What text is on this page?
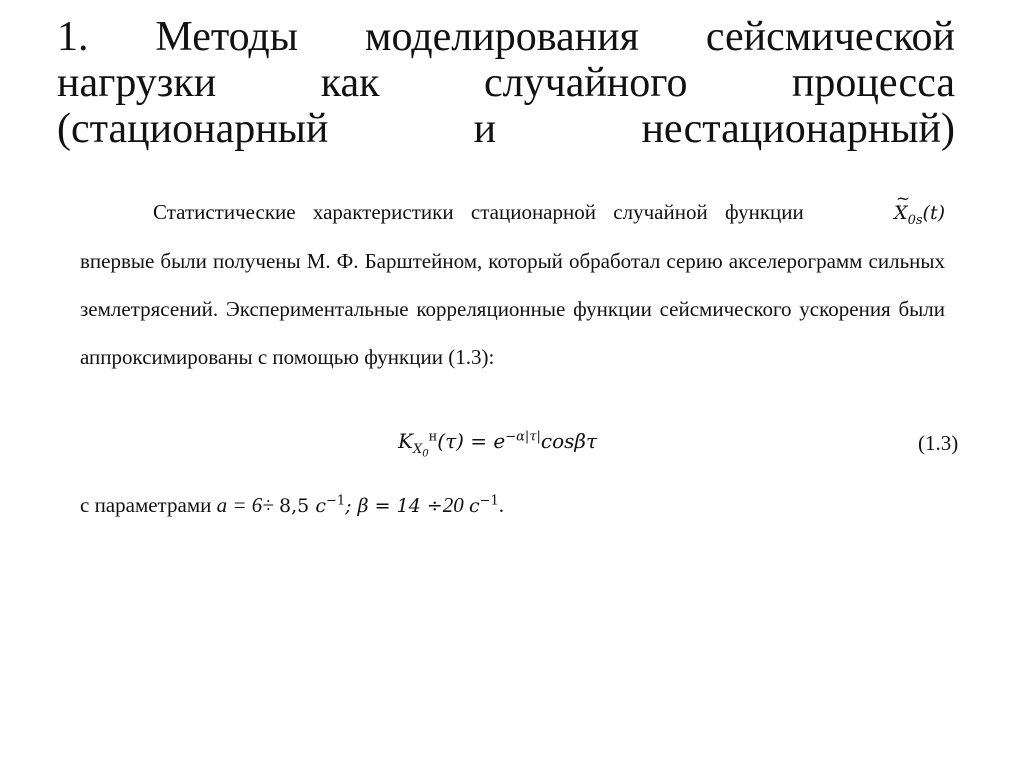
1. Методы моделирования сейсмической
нагрузки как случайного процесса
(стационарный и нестационарный)

Статистические характеристики стационарной случайной функции
~
$X_{0s}(t)$ впервые были получены М. Ф. Барштейном, который обработал серию акселерограмм сильных землетрясений. Экспериментальные корреляционные функции сейсмического ускорения были аппроксимированы с помощью функции (1.3):

$K_{X_0}^н(\tau) = e^{-\alpha|\tau|}\cos\beta\tau$	(1.3)
с параметрами a = 6÷ 8,5 $c^{-1}$; β = 14 ÷20 $c^{-1}$.
